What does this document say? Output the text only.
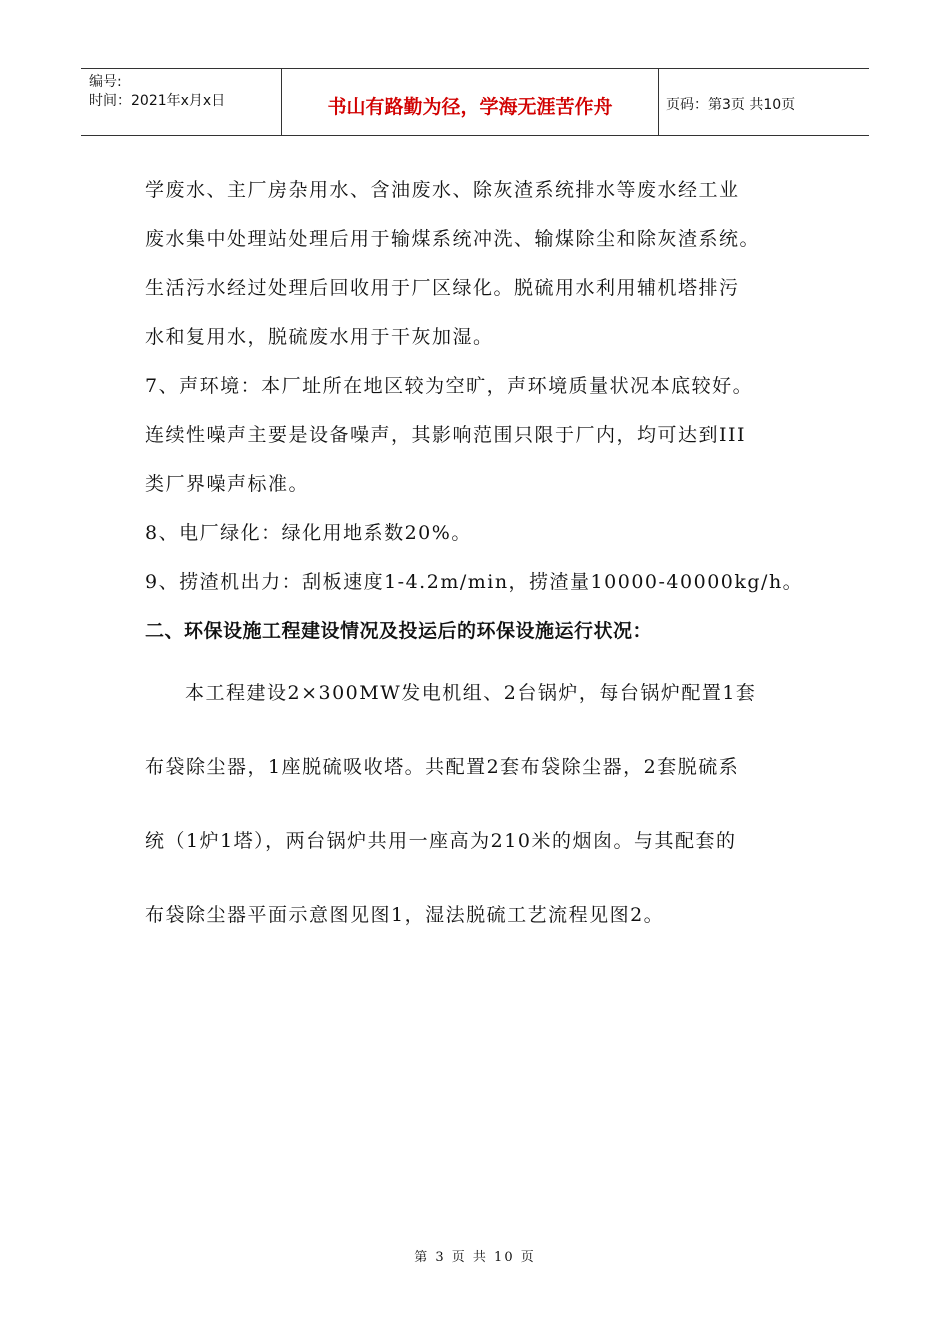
编号:
时间：2021年x月x日	书山有路勤为径，学海无涯苦作舟	页码：第3页 共10页
学废水、主厂房杂用水、含油废水、除灰渣系统排水等废水经工业
废水集中处理站处理后用于输煤系统冲洗、输煤除尘和除灰渣系统。
生活污水经过处理后回收用于厂区绿化。脱硫用水利用辅机塔排污
水和复用水，脱硫废水用于干灰加湿。
7、声环境：本厂址所在地区较为空旷，声环境质量状况本底较好。
连续性噪声主要是设备噪声，其影响范围只限于厂内，均可达到III
类厂界噪声标准。
8、电厂绿化：绿化用地系数20%。
9、捞渣机出力：刮板速度1-4.2m/min，捞渣量10000-40000kg/h。
二、环保设施工程建设情况及投运后的环保设施运行状况：
本工程建设2×300MW发电机组、2台锅炉，每台锅炉配置1套
布袋除尘器，1座脱硫吸收塔。共配置2套布袋除尘器，2套脱硫系
统（1炉1塔），两台锅炉共用一座高为210米的烟囱。与其配套的
布袋除尘器平面示意图见图1，湿法脱硫工艺流程见图2。
第 3 页 共 10 页
